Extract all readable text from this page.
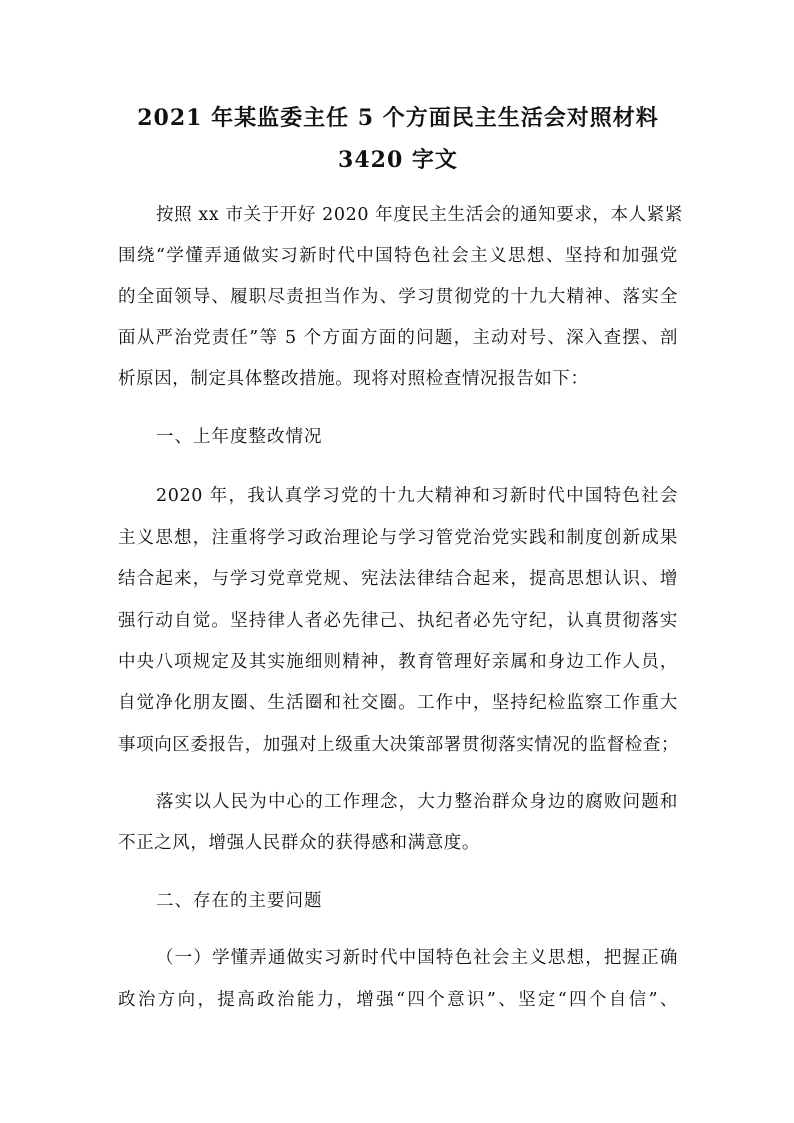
2021 年某监委主任 5 个方面民主生活会对照材料
3420 字文
按照 xx 市关于开好 2020 年度民主生活会的通知要求，本人紧紧
围绕“学懂弄通做实习新时代中国特色社会主义思想、坚持和加强党
的全面领导、履职尽责担当作为、学习贯彻党的十九大精神、落实全
面从严治党责任”等 5 个方面方面的问题，主动对号、深入查摆、剖
析原因，制定具体整改措施。现将对照检查情况报告如下：
一、上年度整改情况
2020 年，我认真学习党的十九大精神和习新时代中国特色社会
主义思想，注重将学习政治理论与学习管党治党实践和制度创新成果
结合起来，与学习党章党规、宪法法律结合起来，提高思想认识、增
强行动自觉。坚持律人者必先律己、执纪者必先守纪，认真贯彻落实
中央八项规定及其实施细则精神，教育管理好亲属和身边工作人员，
自觉净化朋友圈、生活圈和社交圈。工作中，坚持纪检监察工作重大
事项向区委报告，加强对上级重大决策部署贯彻落实情况的监督检查；
落实以人民为中心的工作理念，大力整治群众身边的腐败问题和
不正之风，增强人民群众的获得感和满意度。
二、存在的主要问题
（一）学懂弄通做实习新时代中国特色社会主义思想，把握正确
政治方向，提高政治能力，增强“四个意识”、坚定“四个自信”、
